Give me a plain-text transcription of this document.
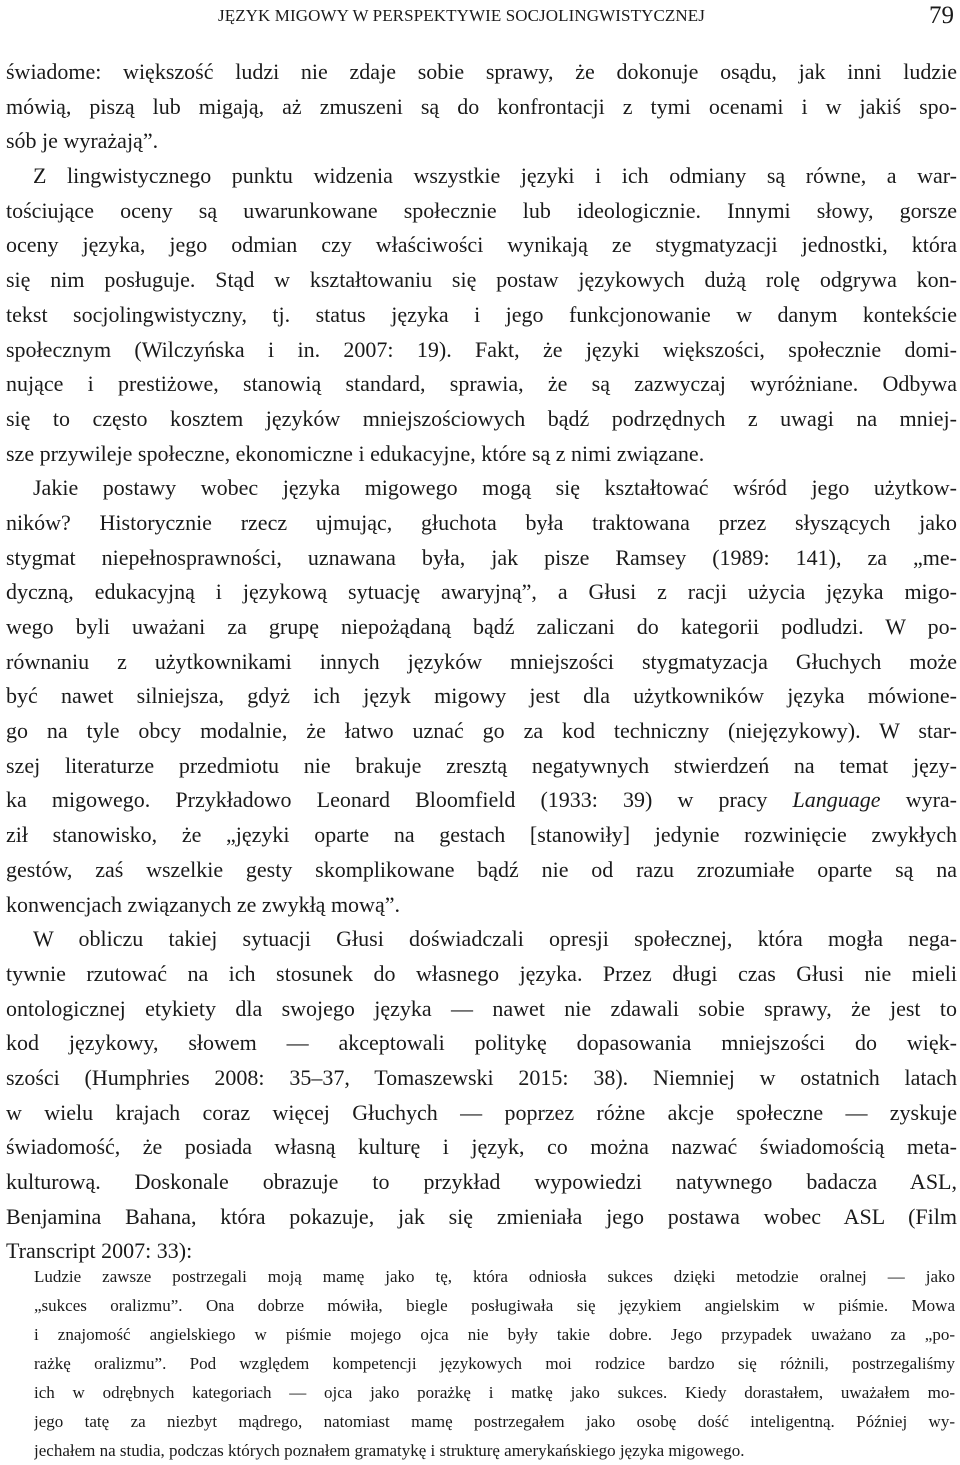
JĘZYK MIGOWY W PERSPEKTYWIE SOCJOLINGWISTYCZNEJ	79
świadome: większość ludzi nie zdaje sobie sprawy, że dokonuje osądu, jak inni ludzie
mówią, piszą lub migają, aż zmuszeni są do konfrontacji z tymi ocenami i w jakiś spo-
sób je wyrażają”.
Z lingwistycznego punktu widzenia wszystkie języki i ich odmiany są równe, a war-
tościujące oceny są uwarunkowane społecznie lub ideologicznie. Innymi słowy, gorsze
oceny języka, jego odmian czy właściwości wynikają ze stygmatyzacji jednostki, która
się nim posługuje. Stąd w kształtowaniu się postaw językowych dużą rolę odgrywa kon-
tekst socjolingwistyczny, tj. status języka i jego funkcjonowanie w danym kontekście
społecznym (Wilczyńska i in. 2007: 19). Fakt, że języki większości, społecznie domi-
nujące i prestiżowe, stanowią standard, sprawia, że są zazwyczaj wyróżniane. Odbywa
się to często kosztem języków mniejszościowych bądź podrzędnych z uwagi na mniej-
sze przywileje społeczne, ekonomiczne i edukacyjne, które są z nimi związane.
Jakie postawy wobec języka migowego mogą się kształtować wśród jego użytkow-
ników? Historycznie rzecz ujmując, głuchota była traktowana przez słyszących jako
stygmat niepełnosprawności, uznawana była, jak pisze Ramsey (1989: 141), za „me-
dyczną, edukacyjną i językową sytuację awaryjną”, a Głusi z racji użycia języka migo-
wego byli uważani za grupę niepożądaną bądź zaliczani do kategorii podludzi. W po-
równaniu z użytkownikami innych języków mniejszości stygmatyzacja Głuchych może
być nawet silniejsza, gdyż ich język migowy jest dla użytkowników języka mówione-
go na tyle obcy modalnie, że łatwo uznać go za kod techniczny (niejęzykowy). W star-
szej literaturze przedmiotu nie brakuje zresztą negatywnych stwierdzeń na temat języ-
ka migowego. Przykładowo Leonard Bloomfield (1933: 39) w pracy Language wyra-
ził stanowisko, że „języki oparte na gestach [stanowiły] jedynie rozwinięcie zwykłych
gestów, zaś wszelkie gesty skomplikowane bądź nie od razu zrozumiałe oparte są na
konwencjach związanych ze zwykłą mową”.
W obliczu takiej sytuacji Głusi doświadczali opresji społecznej, która mogła nega-
tywnie rzutować na ich stosunek do własnego języka. Przez długi czas Głusi nie mieli
ontologicznej etykiety dla swojego języka — nawet nie zdawali sobie sprawy, że jest to
kod językowy, słowem — akceptowali politykę dopasowania mniejszości do więk-
szości (Humphries 2008: 35–37, Tomaszewski 2015: 38). Niemniej w ostatnich latach
w wielu krajach coraz więcej Głuchych — poprzez różne akcje społeczne — zyskuje
świadomość, że posiada własną kulturę i język, co można nazwać świadomością meta-
kulturową. Doskonale obrazuje to przykład wypowiedzi natywnego badacza ASL,
Benjamina Bahana, która pokazuje, jak się zmieniała jego postawa wobec ASL (Film
Transcript 2007: 33):
Ludzie zawsze postrzegali moją mamę jako tę, która odniosła sukces dzięki metodzie oralnej — jako
„sukces oralizmu”. Ona dobrze mówiła, biegle posługiwała się językiem angielskim w piśmie. Mowa
i znajomość angielskiego w piśmie mojego ojca nie były takie dobre. Jego przypadek uważano za „po-
rażkę oralizmu”. Pod względem kompetencji językowych moi rodzice bardzo się różnili, postrzegaliśmy
ich w odrębnych kategoriach — ojca jako porażkę i matkę jako sukces. Kiedy dorastałem, uważałem mo-
jego tatę za niezbyt mądrego, natomiast mamę postrzegałem jako osobę dość inteligentną. Później wy-
jechałem na studia, podczas których poznałem gramatykę i strukturę amerykańskiego języka migowego.
